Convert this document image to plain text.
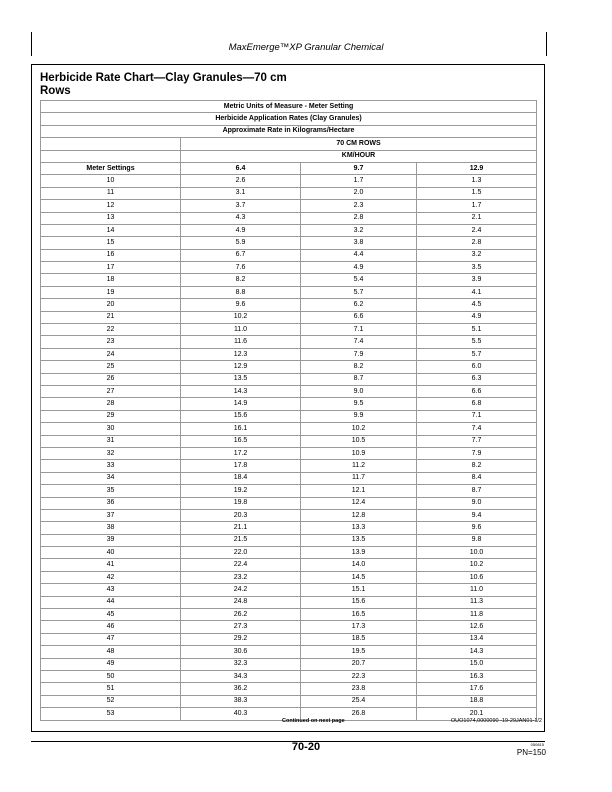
MaxEmerge™XP Granular Chemical
Herbicide Rate Chart—Clay Granules—70 cm Rows
Metric Units of Measure - Meter Setting			
Herbicide Application Rates (Clay Granules)			
Approximate Rate in Kilograms/Hectare			
	70 CM ROWS		
	KM/HOUR		
Meter Settings	6.4	9.7	12.9
10	2.6	1.7	1.3
11	3.1	2.0	1.5
12	3.7	2.3	1.7
13	4.3	2.8	2.1
14	4.9	3.2	2.4
15	5.9	3.8	2.8
16	6.7	4.4	3.2
17	7.6	4.9	3.5
18	8.2	5.4	3.9
19	8.8	5.7	4.1
20	9.6	6.2	4.5
21	10.2	6.6	4.9
22	11.0	7.1	5.1
23	11.6	7.4	5.5
24	12.3	7.9	5.7
25	12.9	8.2	6.0
26	13.5	8.7	6.3
27	14.3	9.0	6.6
28	14.9	9.5	6.8
29	15.6	9.9	7.1
30	16.1	10.2	7.4
31	16.5	10.5	7.7
32	17.2	10.9	7.9
33	17.8	11.2	8.2
34	18.4	11.7	8.4
35	19.2	12.1	8.7
36	19.8	12.4	9.0
37	20.3	12.8	9.4
38	21.1	13.3	9.6
39	21.5	13.5	9.8
40	22.0	13.9	10.0
41	22.4	14.0	10.2
42	23.2	14.5	10.6
43	24.2	15.1	11.0
44	24.8	15.6	11.3
45	26.2	16.5	11.8
46	27.3	17.3	12.6
47	29.2	18.5	13.4
48	30.6	19.5	14.3
49	32.3	20.7	15.0
50	34.3	22.3	16.3
51	36.2	23.8	17.6
52	38.3	25.4	18.8
53	40.3	26.8	20.1
Continued on next page	OUO1074,0000090 -19-29JAN01-1/2
70-20	050815
PN=150
